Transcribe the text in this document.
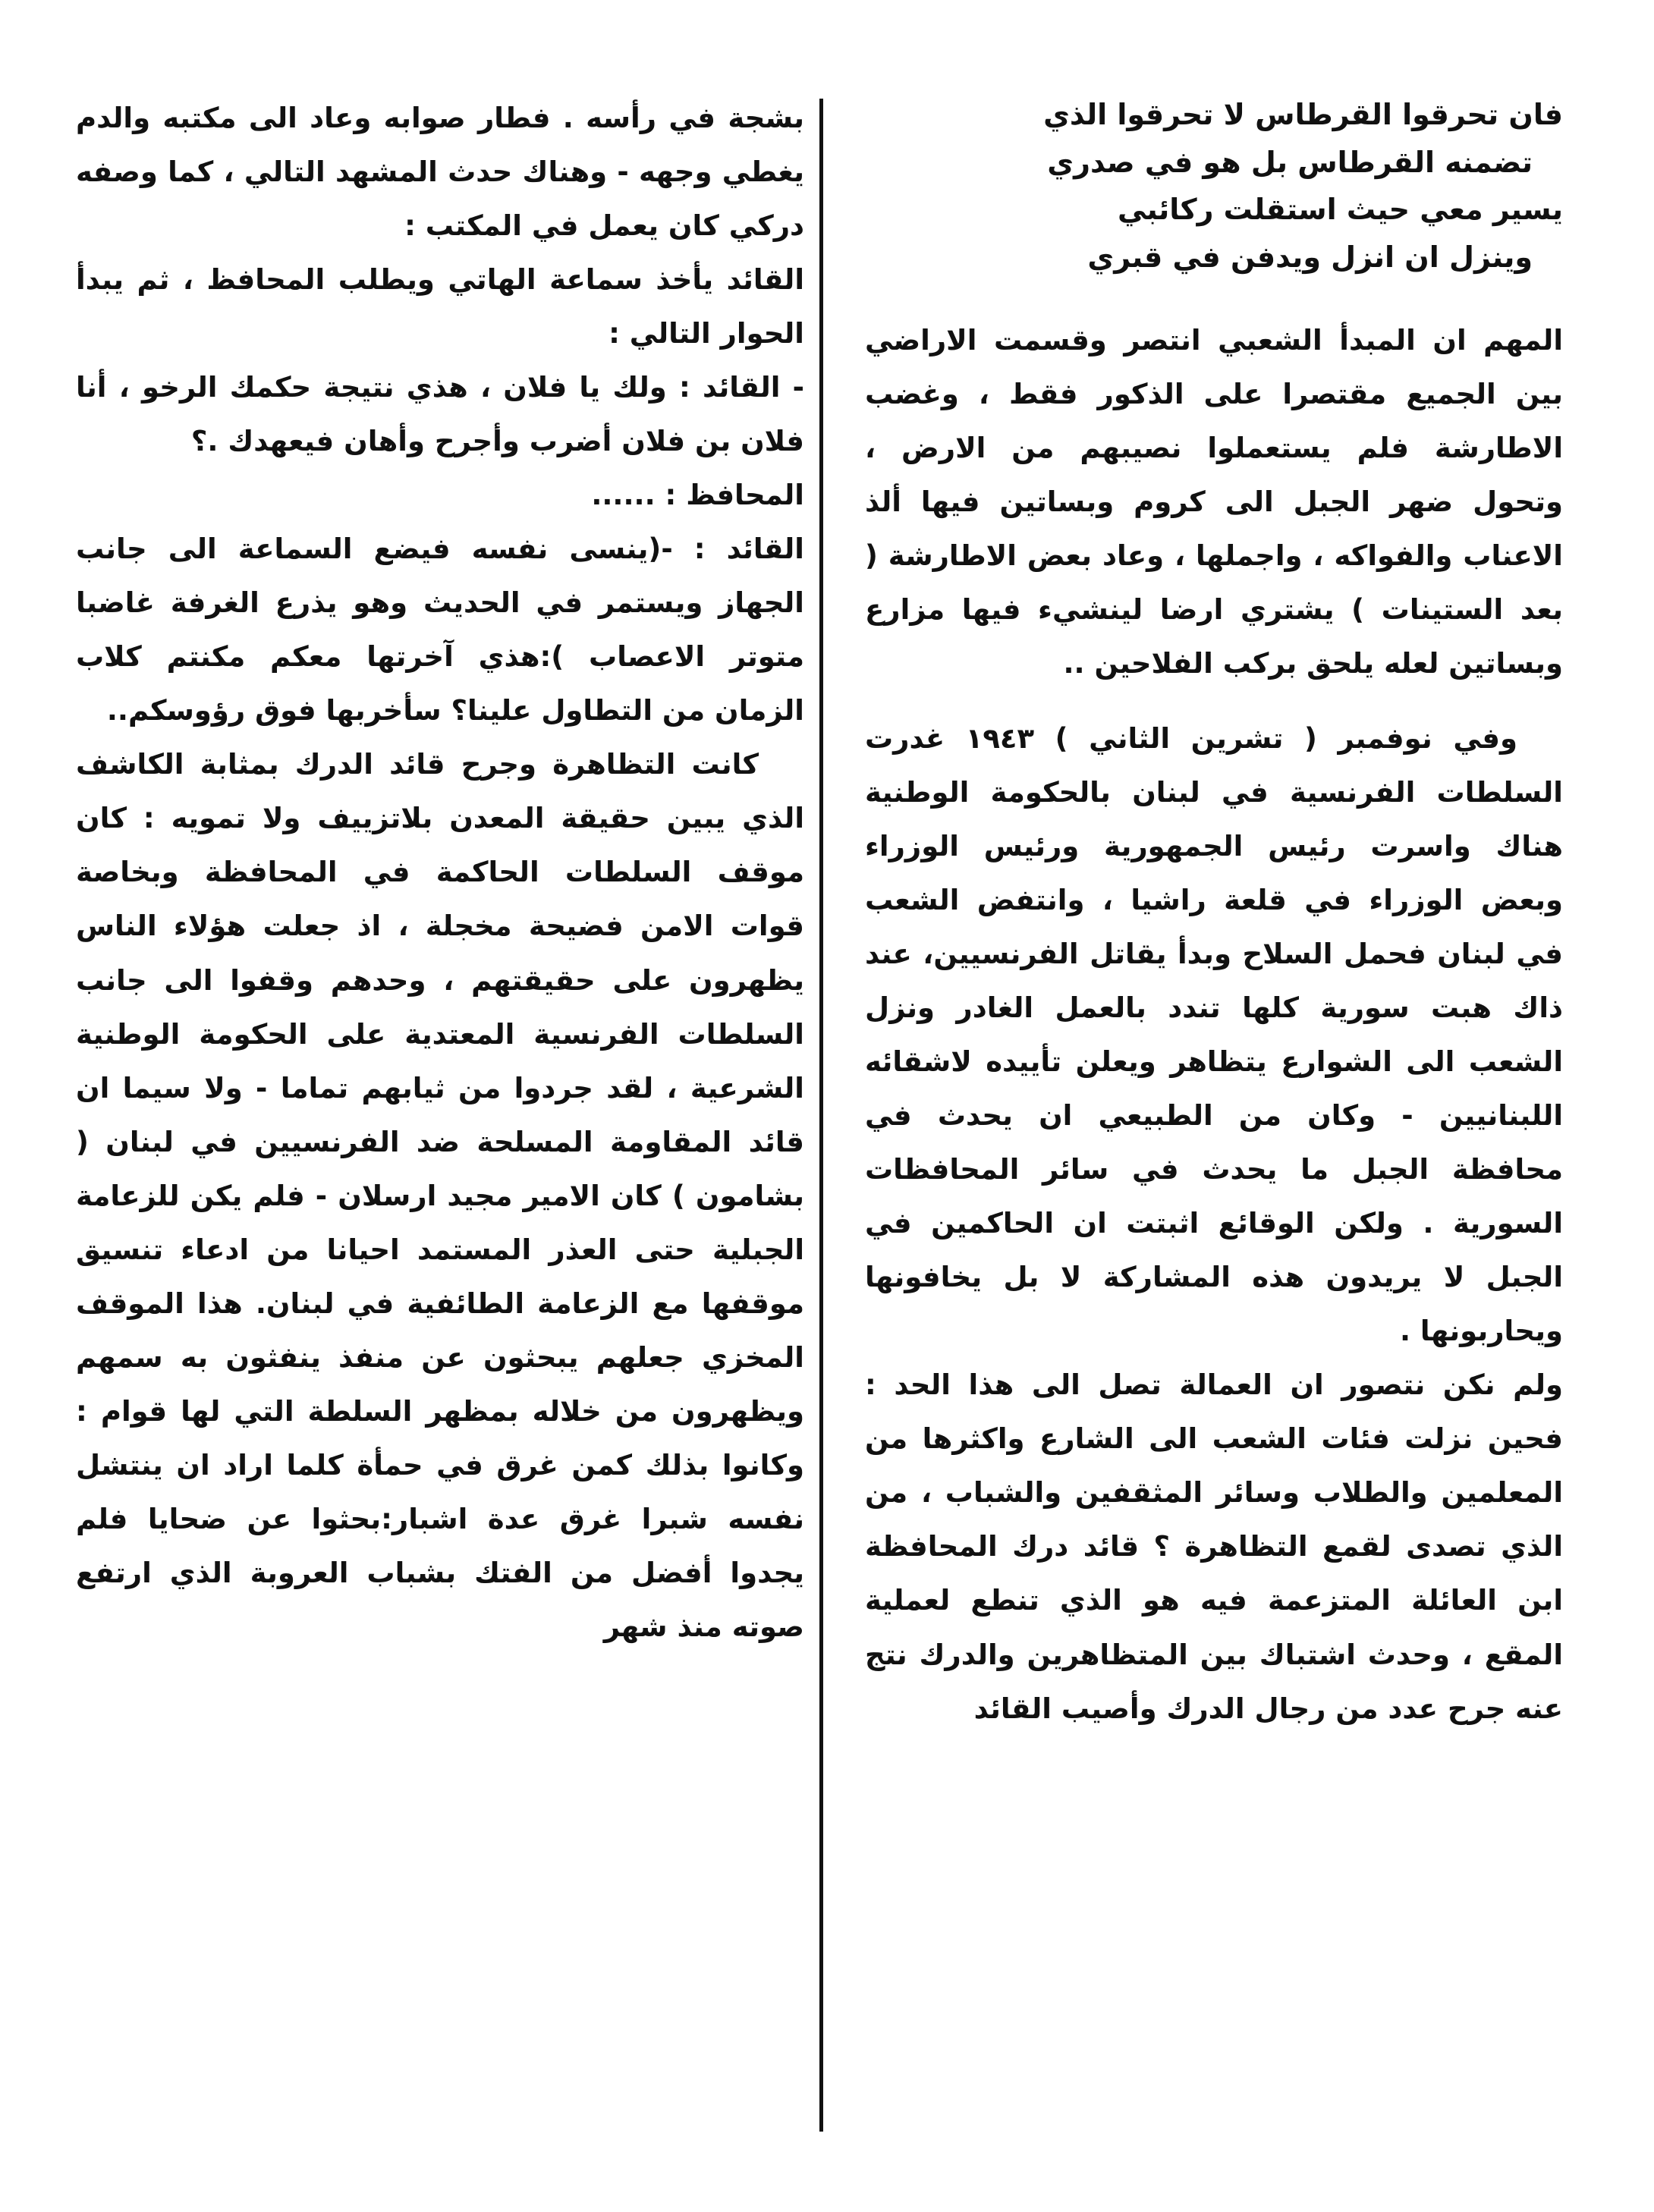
فان تحرقوا القرطاس لا تحرقوا الذي
تضمنه القرطاس بل هو في صدري
يسير معي حيث استقلت ركائبي
وينزل ان انزل ويدفن في قبري

المهم ان المبدأ الشعبي انتصر وقسمت الاراضي بين الجميع مقتصرا على الذكور فقط ، وغضب الاطارشة فلم يستعملوا نصيبهم من الارض ، وتحول ضهر الجبل الى كروم وبساتين فيها ألذ الاعناب والفواكه ، واجملها ، وعاد بعض الاطارشة ( بعد الستينات ) يشتري ارضا لينشيء فيها مزارع وبساتين لعله يلحق بركب الفلاحين ..

وفي نوفمبر ( تشرين الثاني ) ١٩٤٣ غدرت السلطات الفرنسية في لبنان بالحكومة الوطنية هناك واسرت رئيس الجمهورية ورئيس الوزراء وبعض الوزراء في قلعة راشيا ، وانتفض الشعب في لبنان فحمل السلاح وبدأ يقاتل الفرنسيين، عند ذاك هبت سورية كلها تندد بالعمل الغادر ونزل الشعب الى الشوارع يتظاهر ويعلن تأييده لاشقائه اللبنانيين - وكان من الطبيعي ان يحدث في محافظة الجبل ما يحدث في سائر المحافظات السورية . ولكن الوقائع اثبتت ان الحاكمين في الجبل لا يريدون هذه المشاركة لا بل يخافونها ويحاربونها .

ولم نكن نتصور ان العمالة تصل الى هذا الحد : فحين نزلت فئات الشعب الى الشارع واكثرها من المعلمين والطلاب وسائر المثقفين والشباب ، من الذي تصدى لقمع التظاهرة ؟ قائد درك المحافظة ابن العائلة المتزعمة فيه هو الذي تنطع لعملية المقع ، وحدث اشتباك بين المتظاهرين والدرك نتج عنه جرح عدد من رجال الدرك وأصيب القائد

بشجة في رأسه . فطار صوابه وعاد الى مكتبه والدم يغطي وجهه - وهناك حدث المشهد التالي ، كما وصفه دركي كان يعمل في المكتب :

القائد يأخذ سماعة الهاتي ويطلب المحافظ ، ثم يبدأ الحوار التالي :

- القائد : ولك يا فلان ، هذي نتيجة حكمك الرخو ، أنا فلان بن فلان أضرب وأجرح وأهان فيعهدك .؟

المحافظ : ......

القائد : -(ينسى نفسه فيضع السماعة الى جانب الجهاز ويستمر في الحديث وهو يذرع الغرفة غاضبا متوتر الاعصاب ):هذي آخرتها معكم مكنتم كلاب الزمان من التطاول علينا؟ سأخربها فوق رؤوسكم..

كانت التظاهرة وجرح قائد الدرك بمثابة الكاشف الذي يبين حقيقة المعدن بلاتزييف ولا تمويه : كان موقف السلطات الحاكمة في المحافظة وبخاصة قوات الامن فضيحة مخجلة ، اذ جعلت هؤلاء الناس يظهرون على حقيقتهم ، وحدهم وقفوا الى جانب السلطات الفرنسية المعتدية على الحكومة الوطنية الشرعية ، لقد جردوا من ثيابهم تماما - ولا سيما ان قائد المقاومة المسلحة ضد الفرنسيين في لبنان ( بشامون ) كان الامير مجيد ارسلان - فلم يكن للزعامة الجبلية حتى العذر المستمد احيانا من ادعاء تنسيق موقفها مع الزعامة الطائفية في لبنان. هذا الموقف المخزي جعلهم يبحثون عن منفذ ينفثون به سمهم ويظهرون من خلاله بمظهر السلطة التي لها قوام : وكانوا بذلك كمن غرق في حمأة كلما اراد ان ينتشل نفسه شبرا غرق عدة اشبار:بحثوا عن ضحايا فلم يجدوا أفضل من الفتك بشباب العروبة الذي ارتفع صوته منذ شهر
